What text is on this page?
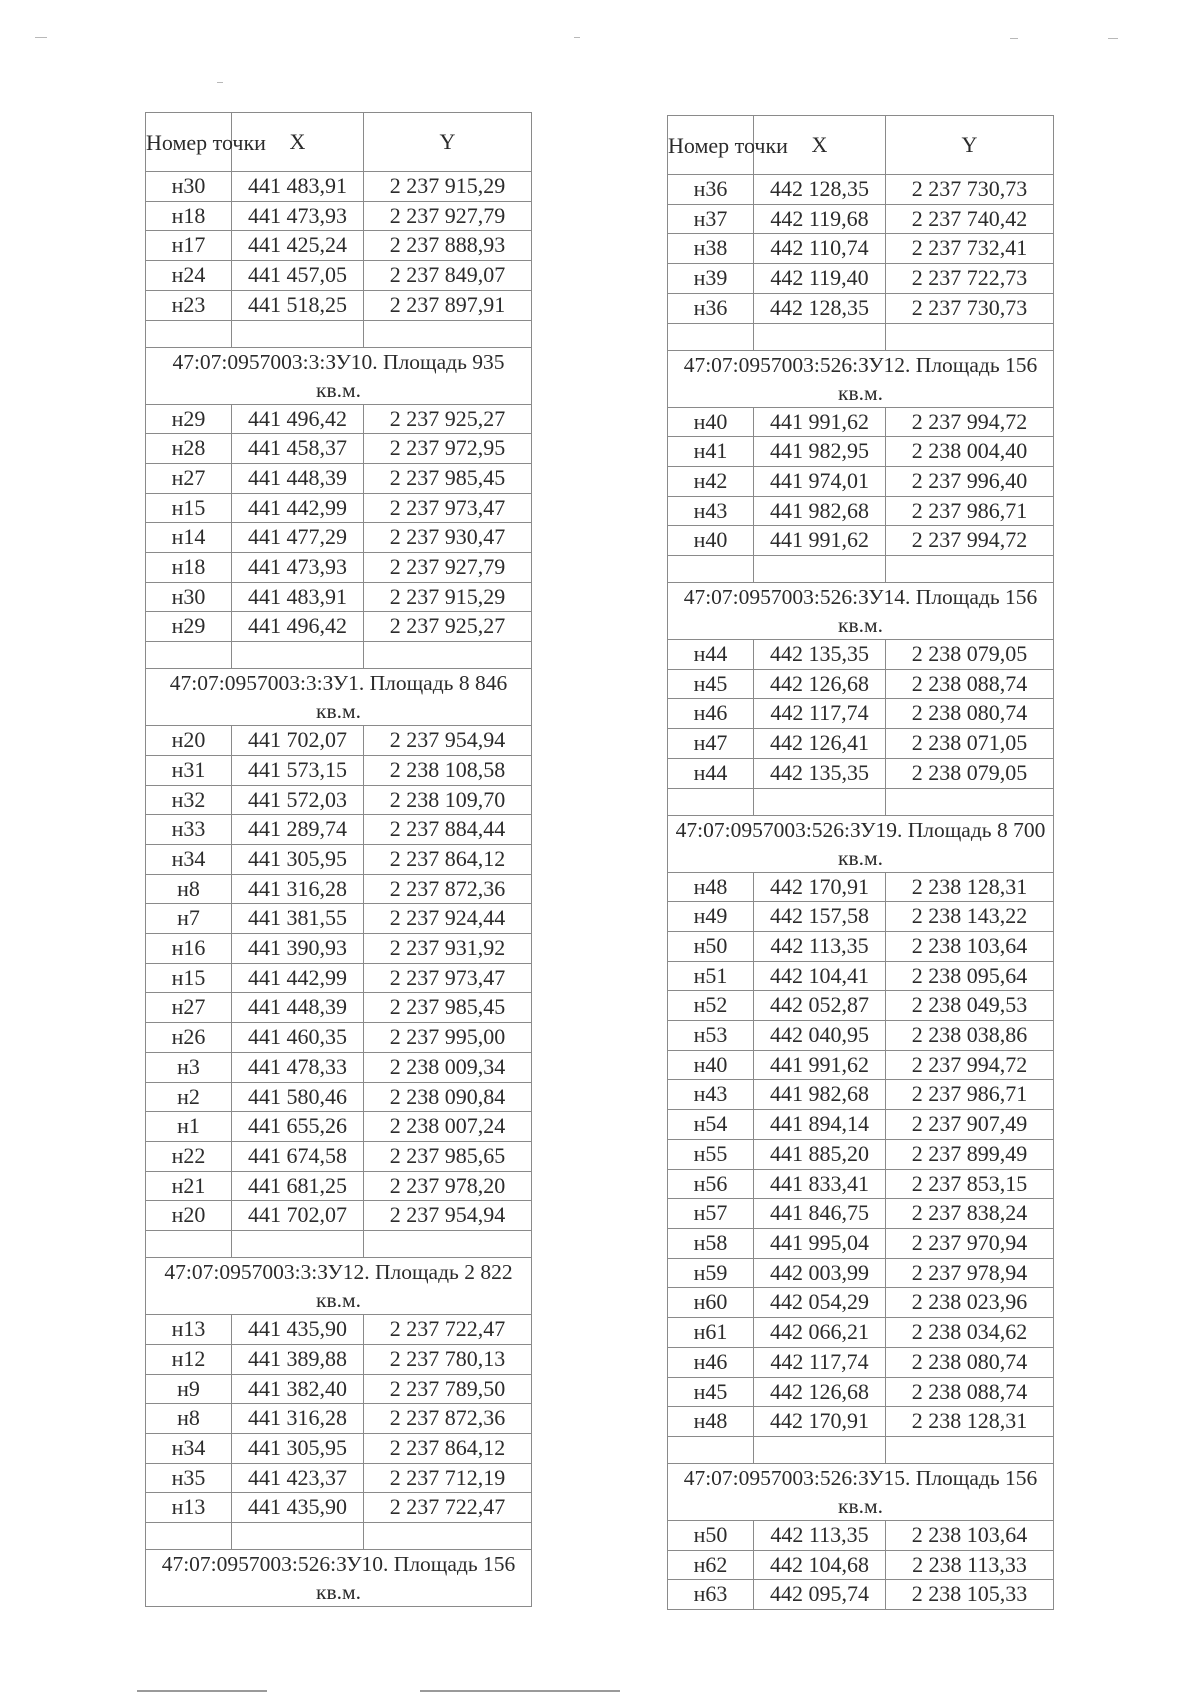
Номер точки	X	Y
н30	441 483,91	2 237 915,29
н18	441 473,93	2 237 927,79
н17	441 425,24	2 237 888,93
н24	441 457,05	2 237 849,07
н23	441 518,25	2 237 897,91

47:07:0957003:3:ЗУ10. Площадь 935 кв.м.		
н29	441 496,42	2 237 925,27
н28	441 458,37	2 237 972,95
н27	441 448,39	2 237 985,45
н15	441 442,99	2 237 973,47
н14	441 477,29	2 237 930,47
н18	441 473,93	2 237 927,79
н30	441 483,91	2 237 915,29
н29	441 496,42	2 237 925,27

47:07:0957003:3:ЗУ1. Площадь 8 846 кв.м.		
н20	441 702,07	2 237 954,94
н31	441 573,15	2 238 108,58
н32	441 572,03	2 238 109,70
н33	441 289,74	2 237 884,44
н34	441 305,95	2 237 864,12
н8	441 316,28	2 237 872,36
н7	441 381,55	2 237 924,44
н16	441 390,93	2 237 931,92
н15	441 442,99	2 237 973,47
н27	441 448,39	2 237 985,45
н26	441 460,35	2 237 995,00
н3	441 478,33	2 238 009,34
н2	441 580,46	2 238 090,84
н1	441 655,26	2 238 007,24
н22	441 674,58	2 237 985,65
н21	441 681,25	2 237 978,20
н20	441 702,07	2 237 954,94

47:07:0957003:3:ЗУ12. Площадь 2 822 кв.м.		
н13	441 435,90	2 237 722,47
н12	441 389,88	2 237 780,13
н9	441 382,40	2 237 789,50
н8	441 316,28	2 237 872,36
н34	441 305,95	2 237 864,12
н35	441 423,37	2 237 712,19
н13	441 435,90	2 237 722,47

47:07:0957003:526:ЗУ10. Площадь 156 кв.м.		
Номер точки	X	Y
н36	442 128,35	2 237 730,73
н37	442 119,68	2 237 740,42
н38	442 110,74	2 237 732,41
н39	442 119,40	2 237 722,73
н36	442 128,35	2 237 730,73

47:07:0957003:526:ЗУ12. Площадь 156 кв.м.		
н40	441 991,62	2 237 994,72
н41	441 982,95	2 238 004,40
н42	441 974,01	2 237 996,40
н43	441 982,68	2 237 986,71
н40	441 991,62	2 237 994,72

47:07:0957003:526:ЗУ14. Площадь 156 кв.м.		
н44	442 135,35	2 238 079,05
н45	442 126,68	2 238 088,74
н46	442 117,74	2 238 080,74
н47	442 126,41	2 238 071,05
н44	442 135,35	2 238 079,05

47:07:0957003:526:ЗУ19. Площадь 8 700 кв.м.		
н48	442 170,91	2 238 128,31
н49	442 157,58	2 238 143,22
н50	442 113,35	2 238 103,64
н51	442 104,41	2 238 095,64
н52	442 052,87	2 238 049,53
н53	442 040,95	2 238 038,86
н40	441 991,62	2 237 994,72
н43	441 982,68	2 237 986,71
н54	441 894,14	2 237 907,49
н55	441 885,20	2 237 899,49
н56	441 833,41	2 237 853,15
н57	441 846,75	2 237 838,24
н58	441 995,04	2 237 970,94
н59	442 003,99	2 237 978,94
н60	442 054,29	2 238 023,96
н61	442 066,21	2 238 034,62
н46	442 117,74	2 238 080,74
н45	442 126,68	2 238 088,74
н48	442 170,91	2 238 128,31

47:07:0957003:526:ЗУ15. Площадь 156 кв.м.		
н50	442 113,35	2 238 103,64
н62	442 104,68	2 238 113,33
н63	442 095,74	2 238 105,33
